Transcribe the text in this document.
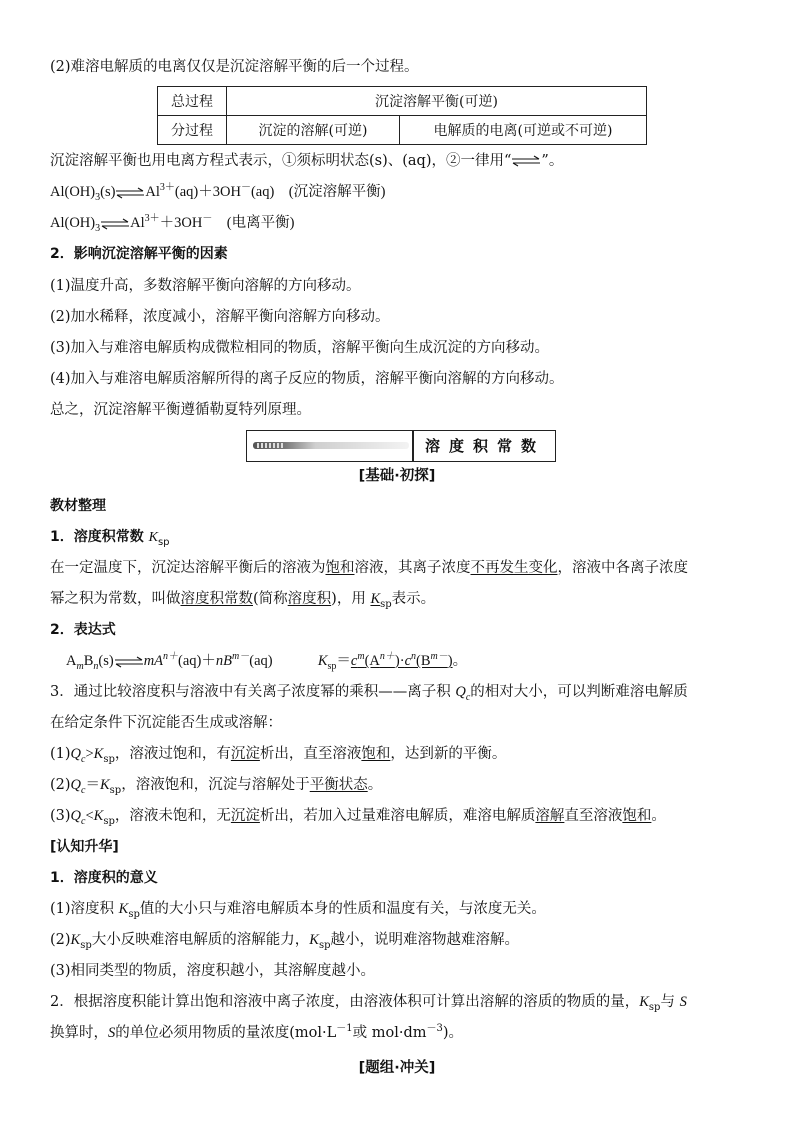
(2)难溶电解质的电离仅仅是沉淀溶解平衡的后一个过程。
总过程	沉淀溶解平衡(可逆)	
分过程	沉淀的溶解(可逆)	电解质的电离(可逆或不可逆)
沉淀溶解平衡也用电离方程式表示，①须标明状态(s)、(aq)，②一律用“ ”。
$Al(OH)_3(s)$ $Al^{3+}(aq)+3OH^-(aq)$　(沉淀溶解平衡)
$Al(OH)_3$ $Al^{3+}+3OH^-$　(电离平衡)
2．影响沉淀溶解平衡的因素
(1)温度升高，多数溶解平衡向溶解的方向移动。
(2)加水稀释，浓度减小，溶解平衡向溶解方向移动。
(3)加入与难溶电解质构成微粒相同的物质，溶解平衡向生成沉淀的方向移动。
(4)加入与难溶电解质溶解所得的离子反应的物质，溶解平衡向溶解的方向移动。
总之，沉淀溶解平衡遵循勒夏特列原理。
溶度积常数
[基础·初探]
教材整理
1．溶度积常数 $K_{sp}$
在一定温度下，沉淀达溶解平衡后的溶液为饱和溶液，其离子浓度不再发生变化，溶液中各离子浓度
幂之积为常数，叫做溶度积常数(简称溶度积)，用 $K_{sp}$表示。
2．表达式
$A_mB_n(s)$ $mA^{n+}(aq)+nB^{m-}(aq)$	$K_{sp}=c^m(A^{n+})\cdot c^n(B^{m-})$。
3．通过比较溶度积与溶液中有关离子浓度幂的乘积——离子积 $Q_c$的相对大小，可以判断难溶电解质
在给定条件下沉淀能否生成或溶解：
$(1)Q_c>K_{sp}$，溶液过饱和，有沉淀析出，直至溶液饱和，达到新的平衡。
$(2)Q_c=K_{sp}$，溶液饱和，沉淀与溶解处于平衡状态。
$(3)Q_c<K_{sp}$，溶液未饱和，无沉淀析出，若加入过量难溶电解质，难溶电解质溶解直至溶液饱和。
[认知升华]
1．溶度积的意义
(1)溶度积 $K_{sp}$值的大小只与难溶电解质本身的性质和温度有关，与浓度无关。
$(2)K_{sp}$大小反映难溶电解质的溶解能力，$K_{sp}$越小，说明难溶物越难溶解。
(3)相同类型的物质，溶度积越小，其溶解度越小。
2．根据溶度积能计算出饱和溶液中离子浓度，由溶液体积可计算出溶解的溶质的物质的量，$K_{sp}$与 S
换算时，S的单位必须用物质的量浓度($mol\cdot L^{-1}$或 $mol\cdot dm^{-3}$)。
[题组·冲关]
